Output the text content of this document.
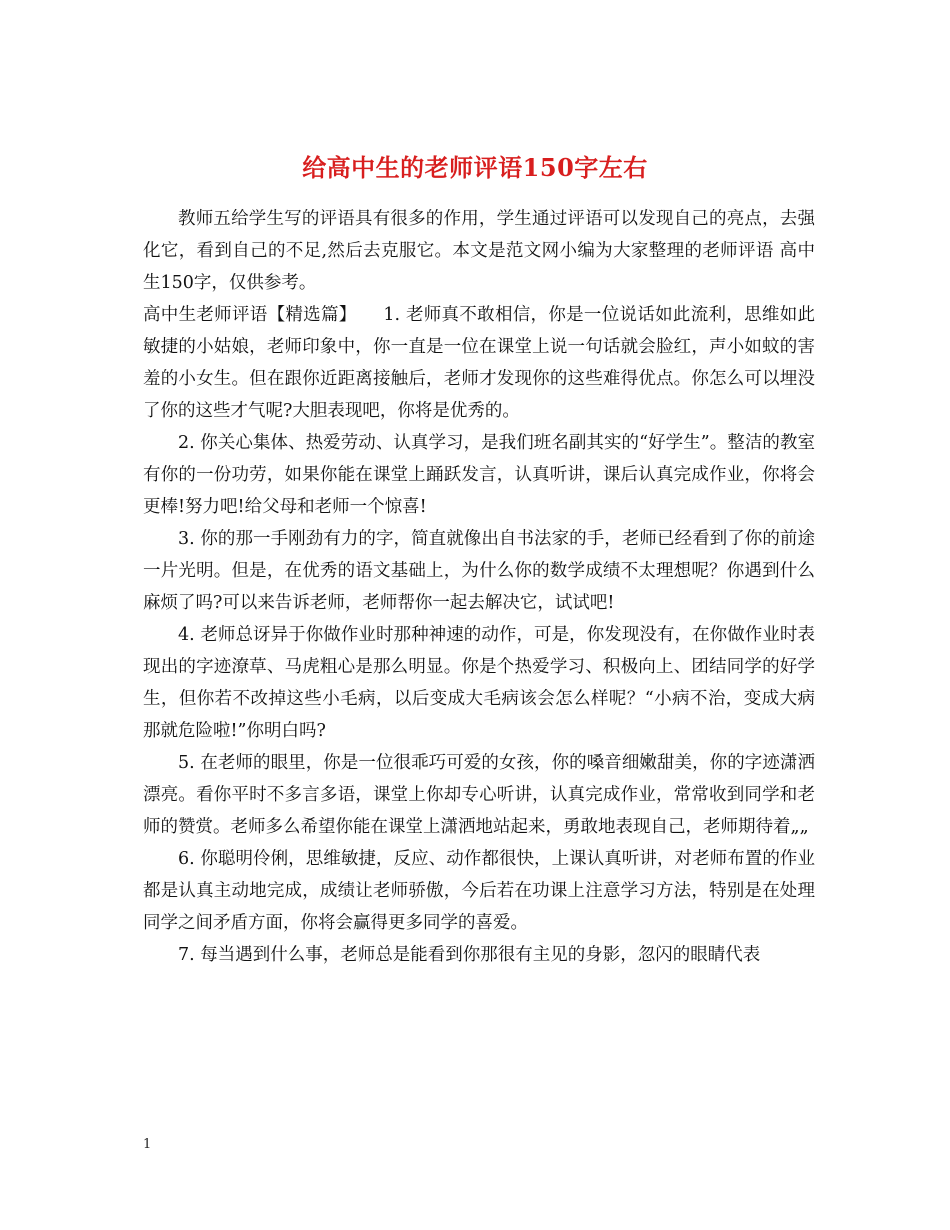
给高中生的老师评语150字左右

教师五给学生写的评语具有很多的作用，学生通过评语可以发现自己的亮点，去强化它，看到自己的不足,然后去克服它。本文是范文网小编为大家整理的老师评语 高中生150字，仅供参考。

高中生老师评语【精选篇】　　1. 老师真不敢相信，你是一位说话如此流利，思维如此敏捷的小姑娘，老师印象中，你一直是一位在课堂上说一句话就会脸红，声小如蚊的害羞的小女生。但在跟你近距离接触后，老师才发现你的这些难得优点。你怎么可以埋没了你的这些才气呢?大胆表现吧，你将是优秀的。

2. 你关心集体、热爱劳动、认真学习，是我们班名副其实的“好学生”。整洁的教室有你的一份功劳，如果你能在课堂上踊跃发言，认真听讲，课后认真完成作业，你将会更棒!努力吧!给父母和老师一个惊喜!

3. 你的那一手刚劲有力的字，简直就像出自书法家的手，老师已经看到了你的前途一片光明。但是，在优秀的语文基础上，为什么你的数学成绩不太理想呢？你遇到什么麻烦了吗?可以来告诉老师，老师帮你一起去解决它，试试吧!

4. 老师总讶异于你做作业时那种神速的动作，可是，你发现没有，在你做作业时表现出的字迹潦草、马虎粗心是那么明显。你是个热爱学习、积极向上、团结同学的好学生，但你若不改掉这些小毛病，以后变成大毛病该会怎么样呢？“小病不治，变成大病那就危险啦!”你明白吗?

5. 在老师的眼里，你是一位很乖巧可爱的女孩，你的嗓音细嫩甜美，你的字迹潇洒漂亮。看你平时不多言多语，课堂上你却专心听讲，认真完成作业，常常收到同学和老师的赞赏。老师多么希望你能在课堂上潇洒地站起来，勇敢地表现自己，老师期待着„„

6. 你聪明伶俐，思维敏捷，反应、动作都很快，上课认真听讲，对老师布置的作业都是认真主动地完成，成绩让老师骄傲，今后若在功课上注意学习方法，特别是在处理同学之间矛盾方面，你将会赢得更多同学的喜爱。

7. 每当遇到什么事，老师总是能看到你那很有主见的身影，忽闪的眼睛代表

1
